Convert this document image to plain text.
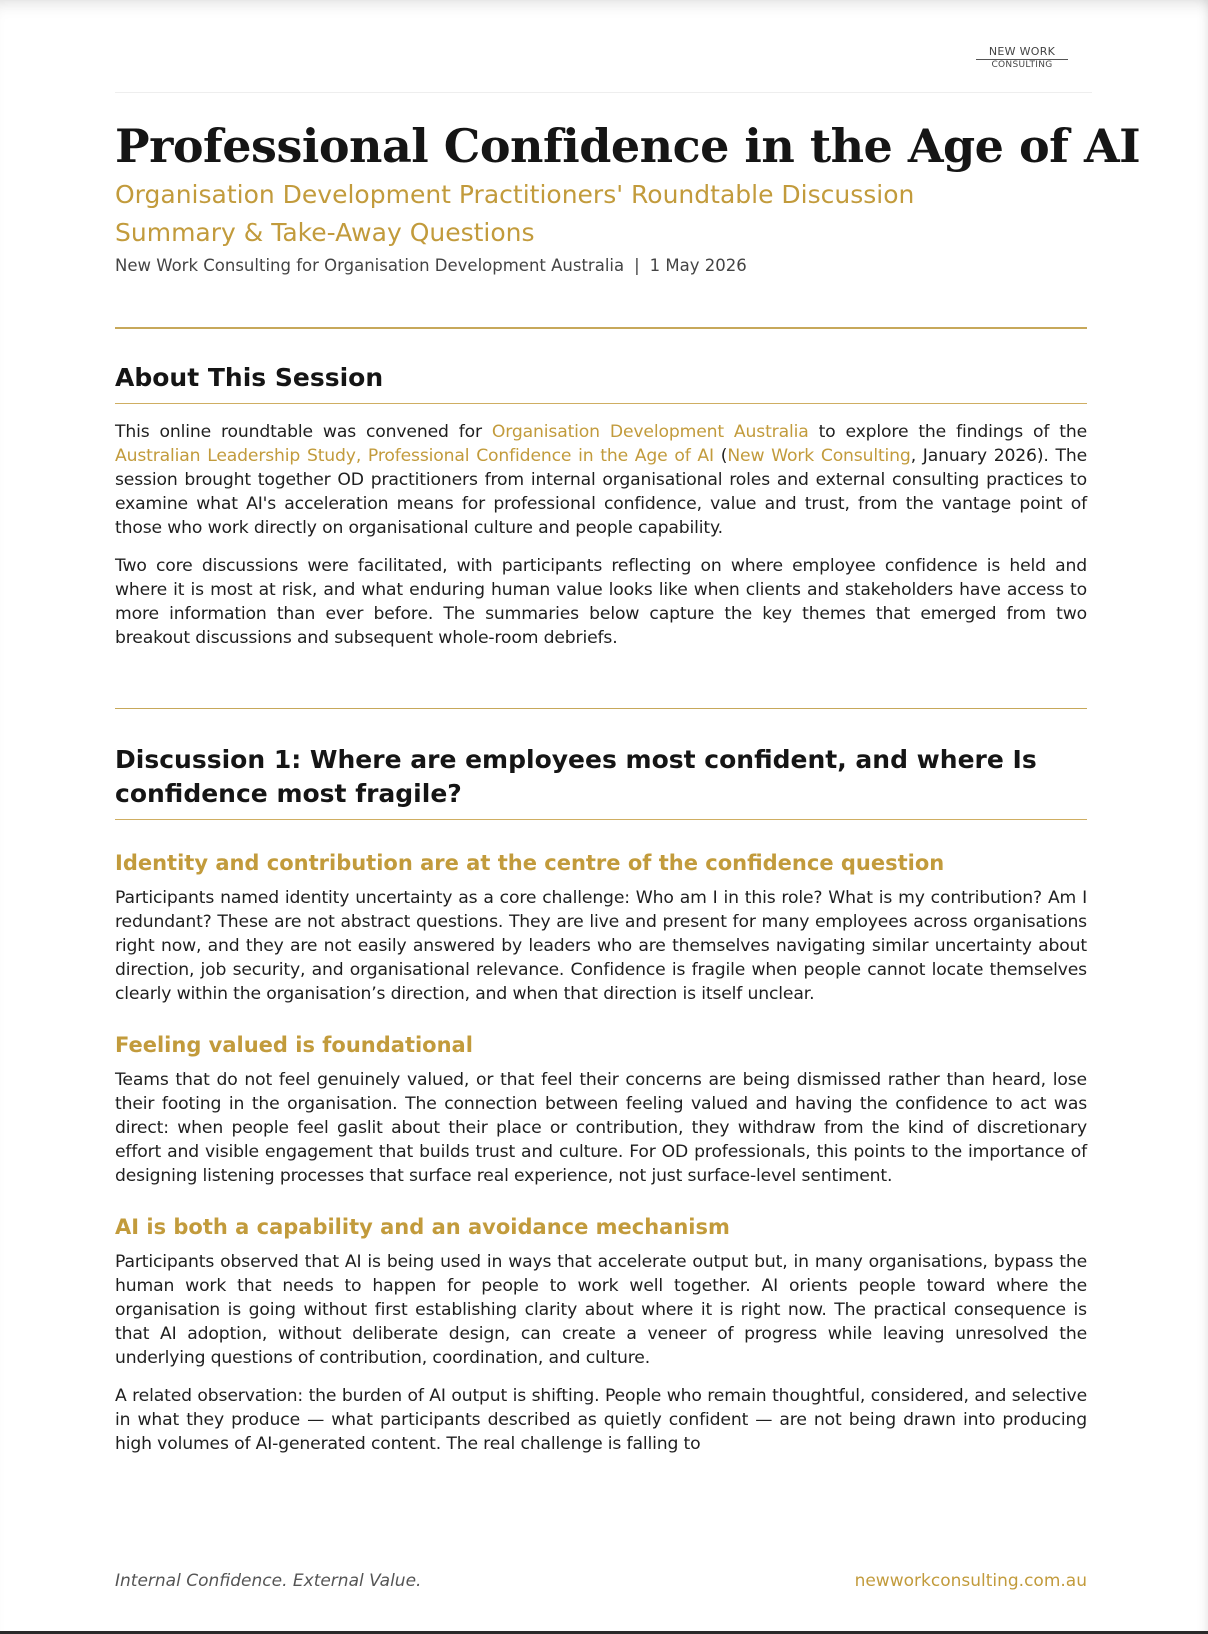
NEW WORK
CONSULTING
Professional Confidence in the Age of AI
Organisation Development Practitioners' Roundtable Discussion
Summary & Take-Away Questions
New Work Consulting for Organisation Development Australia | 1 May 2026
About This Session

This online roundtable was convened for Organisation Development Australia to explore the findings of the Australian Leadership Study, Professional Confidence in the Age of AI (New Work Consulting, January 2026). The session brought together OD practitioners from internal organisational roles and external consulting practices to examine what AI's acceleration means for professional confidence, value and trust, from the vantage point of those who work directly on organisational culture and people capability.

Two core discussions were facilitated, with participants reflecting on where employee confidence is held and where it is most at risk, and what enduring human value looks like when clients and stakeholders have access to more information than ever before. The summaries below capture the key themes that emerged from two breakout discussions and subsequent whole-room debriefs.

Discussion 1: Where are employees most confident, and where Is confidence most fragile?
Identity and contribution are at the centre of the confidence question

Participants named identity uncertainty as a core challenge: Who am I in this role? What is my contribution? Am I redundant? These are not abstract questions. They are live and present for many employees across organisations right now, and they are not easily answered by leaders who are themselves navigating similar uncertainty about direction, job security, and organisational relevance. Confidence is fragile when people cannot locate themselves clearly within the organisation’s direction, and when that direction is itself unclear.

Feeling valued is foundational

Teams that do not feel genuinely valued, or that feel their concerns are being dismissed rather than heard, lose their footing in the organisation. The connection between feeling valued and having the confidence to act was direct: when people feel gaslit about their place or contribution, they withdraw from the kind of discretionary effort and visible engagement that builds trust and culture. For OD professionals, this points to the importance of designing listening processes that surface real experience, not just surface-level sentiment.

AI is both a capability and an avoidance mechanism

Participants observed that AI is being used in ways that accelerate output but, in many organisations, bypass the human work that needs to happen for people to work well together. AI orients people toward where the organisation is going without first establishing clarity about where it is right now. The practical consequence is that AI adoption, without deliberate design, can create a veneer of progress while leaving unresolved the underlying questions of contribution, coordination, and culture.

A related observation: the burden of AI output is shifting. People who remain thoughtful, considered, and selective in what they produce — what participants described as quietly confident — are not being drawn into producing high volumes of AI-generated content. The real challenge is falling to

Internal Confidence. External Value.	newworkconsulting.com.au
